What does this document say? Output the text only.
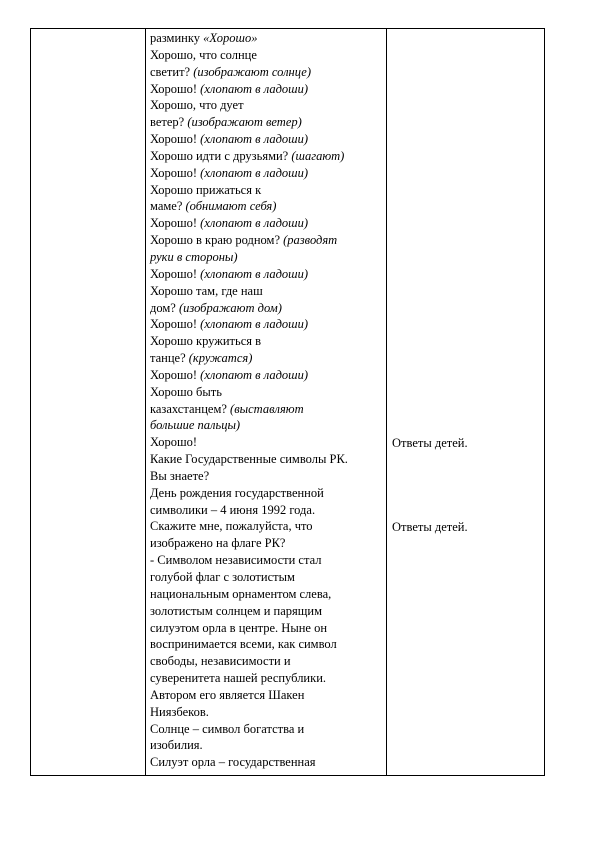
разминку «Хорошо»
Хорошо, что солнце
светит? (изображают солнце)
Хорошо! (хлопают в ладоши)
Хорошо, что дует
ветер? (изображают ветер)
Хорошо! (хлопают в ладоши)
Хорошо идти с друзьями? (шагают)
Хорошо! (хлопают в ладоши)
Хорошо прижаться к
маме? (обнимают себя)
Хорошо! (хлопают в ладоши)
Хорошо в краю родном? (разводят
руки в стороны)
Хорошо! (хлопают в ладоши)
Хорошо там, где наш
дом? (изображают дом)
Хорошо! (хлопают в ладоши)
Хорошо кружиться в
танце? (кружатся)
Хорошо! (хлопают в ладоши)
Хорошо быть
казахстанцем? (выставляют
большие пальцы)
Хорошо!
Какие Государственные символы РК.
Вы знаете?
День рождения государственной
символики – 4 июня 1992 года.
Скажите мне, пожалуйста, что
изображено на флаге РК?
- Символом независимости стал
голубой флаг с золотистым
национальным орнаментом слева,
золотистым солнцем и парящим
силуэтом орла в центре. Ныне он
воспринимается всеми, как символ
свободы, независимости и
суверенитета нашей республики.
Автором его является Шакен
Ниязбеков.
Солнце – символ богатства и
изобилия.
Силуэт орла – государственная
Ответы детей.
Ответы детей.
